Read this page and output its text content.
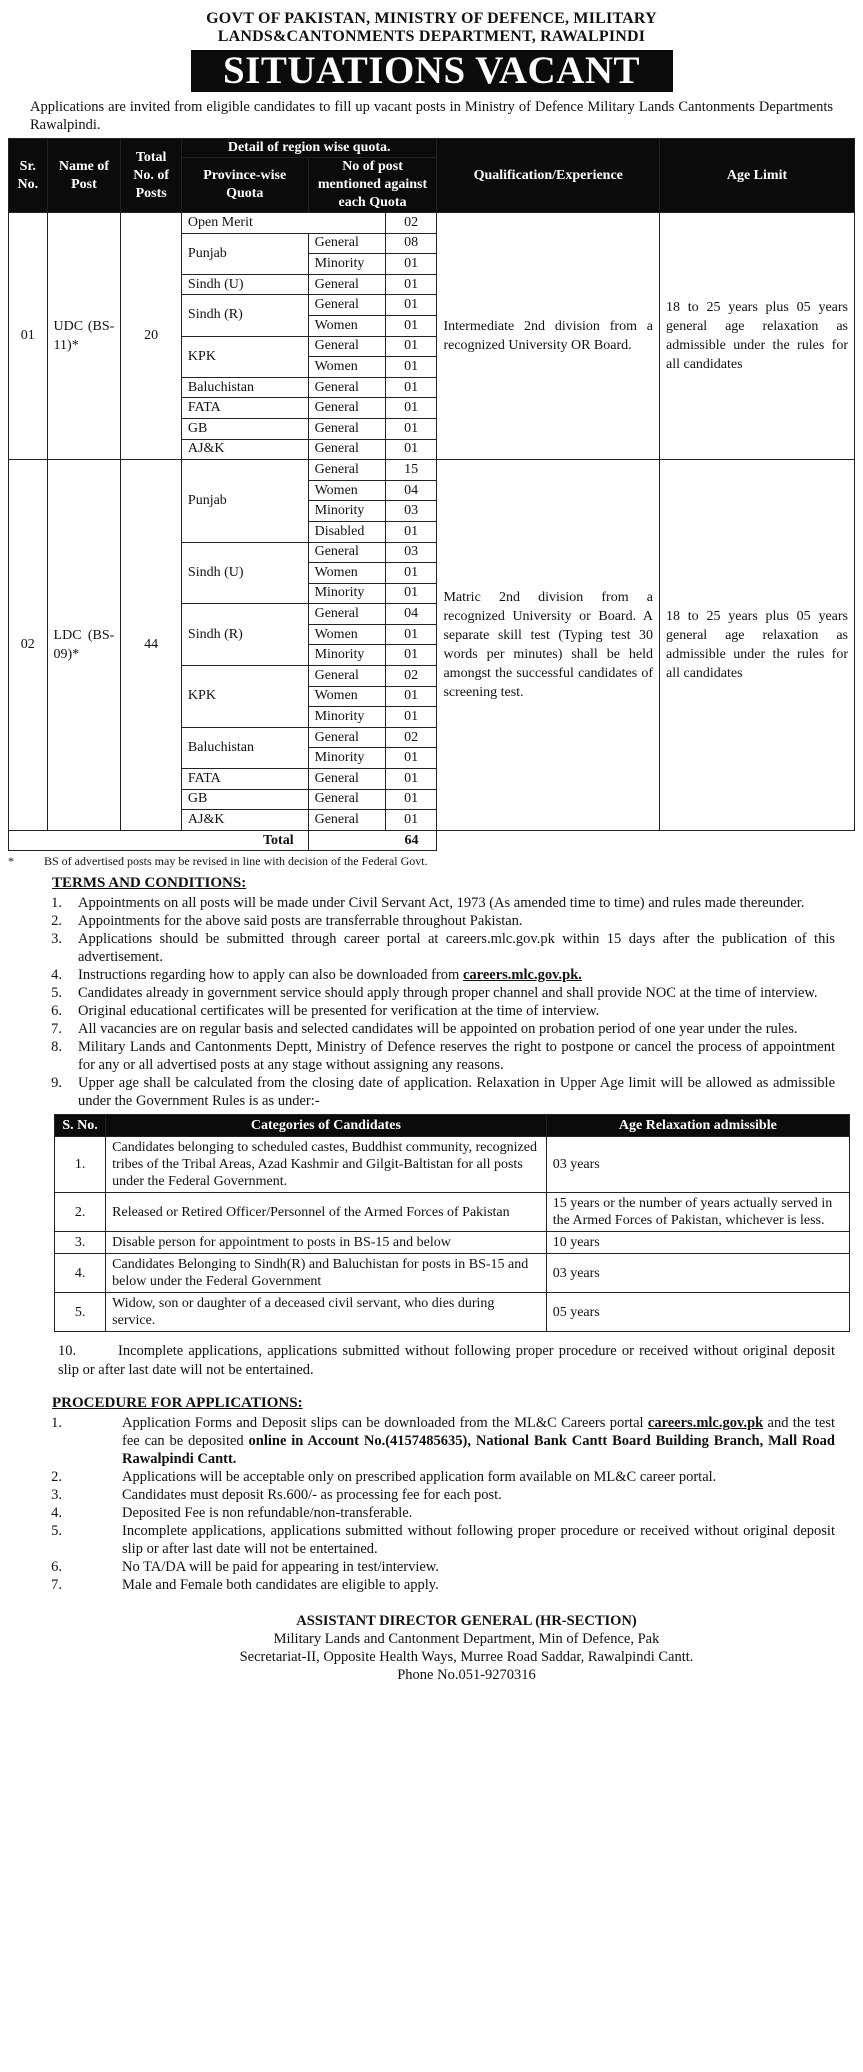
GOVT OF PAKISTAN, MINISTRY OF DEFENCE, MILITARY
LANDS&CANTONMENTS DEPARTMENT, RAWALPINDI
SITUATIONS VACANT
Applications are invited from eligible candidates to fill up vacant posts in Ministry of Defence Military Lands Cantonments Departments Rawalpindi.
Sr. No.	Name of Post	Total No. of Posts	Detail of region wise quota.			Qualification/Experience	Age Limit
			Province-wise Quota	No of post mentioned against each Quota			
01	UDC (BS-11)*	20	Open Merit		02	Intermediate 2nd division from a recognized University OR Board.	18 to 25 years plus 05 years general age relaxation as admissible under the rules for all candidates
			Punjab	General	08		
				Minority	01		
			Sindh (U)	General	01		
			Sindh (R)	General	01		
				Women	01		
			KPK	General	01		
				Women	01		
			Baluchistan	General	01		
			FATA	General	01		
			GB	General	01		
			AJ&K	General	01		
02	LDC (BS-09)*	44	Punjab	General	15	Matric 2nd division from a recognized University or Board. A separate skill test (Typing test 30 words per minutes) shall be held amongst the successful candidates of screening test.	18 to 25 years plus 05 years general age relaxation as admissible under the rules for all candidates
				Women	04		
				Minority	03		
				Disabled	01		
			Sindh (U)	General	03		
				Women	01		
				Minority	01		
			Sindh (R)	General	04		
				Women	01		
				Minority	01		
			KPK	General	02		
				Women	01		
				Minority	01		
			Baluchistan	General	02		
				Minority	01		
			FATA	General	01		
			GB	General	01		
			AJ&K	General	01		
Total				64			
*	BS of advertised posts may be revised in line with decision of the Federal Govt.
TERMS AND CONDITIONS:
1.	Appointments on all posts will be made under Civil Servant Act, 1973 (As amended time to time) and rules made thereunder.
2.	Appointments for the above said posts are transferrable throughout Pakistan.
3.	Applications should be submitted through career portal at careers.mlc.gov.pk within 15 days after the publication of this advertisement.
4.	Instructions regarding how to apply can also be downloaded from careers.mlc.gov.pk.
5.	Candidates already in government service should apply through proper channel and shall provide NOC at the time of interview.
6.	Original educational certificates will be presented for verification at the time of interview.
7.	All vacancies are on regular basis and selected candidates will be appointed on probation period of one year under the rules.
8.	Military Lands and Cantonments Deptt, Ministry of Defence reserves the right to postpone or cancel the process of appointment for any or all advertised posts at any stage without assigning any reasons.
9.	Upper age shall be calculated from the closing date of application. Relaxation in Upper Age limit will be allowed as admissible under the Government Rules is as under:-
S. No.	Categories of Candidates	Age Relaxation admissible
1.	Candidates belonging to scheduled castes, Buddhist community, recognized tribes of the Tribal Areas, Azad Kashmir and Gilgit-Baltistan for all posts under the Federal Government.	03 years
2.	Released or Retired Officer/Personnel of the Armed Forces of Pakistan	15 years or the number of years actually served in the Armed Forces of Pakistan, whichever is less.
3.	Disable person for appointment to posts in BS-15 and below	10 years
4.	Candidates Belonging to Sindh(R) and Baluchistan for posts in BS-15 and below under the Federal Government	03 years
5.	Widow, son or daughter of a deceased civil servant, who dies during service.	05 years
10.	Incomplete applications, applications submitted without following proper procedure or received without original deposit slip or after last date will not be entertained.
PROCEDURE FOR APPLICATIONS:
1.	Application Forms and Deposit slips can be downloaded from the ML&C Careers portal careers.mlc.gov.pk and the test fee can be deposited online in Account No.(4157485635), National Bank Cantt Board Building Branch, Mall Road Rawalpindi Cantt.
2.	Applications will be acceptable only on prescribed application form available on ML&C career portal.
3.	Candidates must deposit Rs.600/- as processing fee for each post.
4.	Deposited Fee is non refundable/non-transferable.
5.	Incomplete applications, applications submitted without following proper procedure or received without original deposit slip or after last date will not be entertained.
6.	No TA/DA will be paid for appearing in test/interview.
7.	Male and Female both candidates are eligible to apply.
ASSISTANT DIRECTOR GENERAL (HR-SECTION)
Military Lands and Cantonment Department, Min of Defence, Pak
Secretariat-II, Opposite Health Ways, Murree Road Saddar, Rawalpindi Cantt.
Phone No.051-9270316
